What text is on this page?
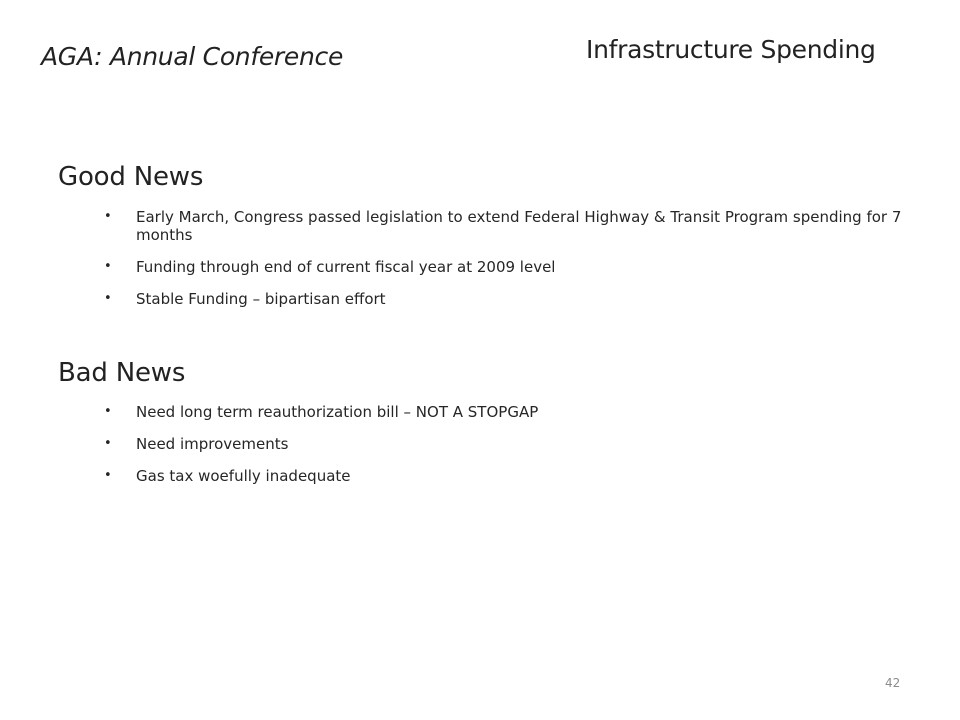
AGA: Annual Conference	Infrastructure Spending
Good News
• Early March, Congress passed legislation to extend Federal Highway & Transit Program spending for 7 months
• Funding through end of current fiscal year at 2009 level
• Stable Funding – bipartisan effort
Bad News
• Need long term reauthorization bill – NOT A STOPGAP
• Need improvements
• Gas tax woefully inadequate
42
